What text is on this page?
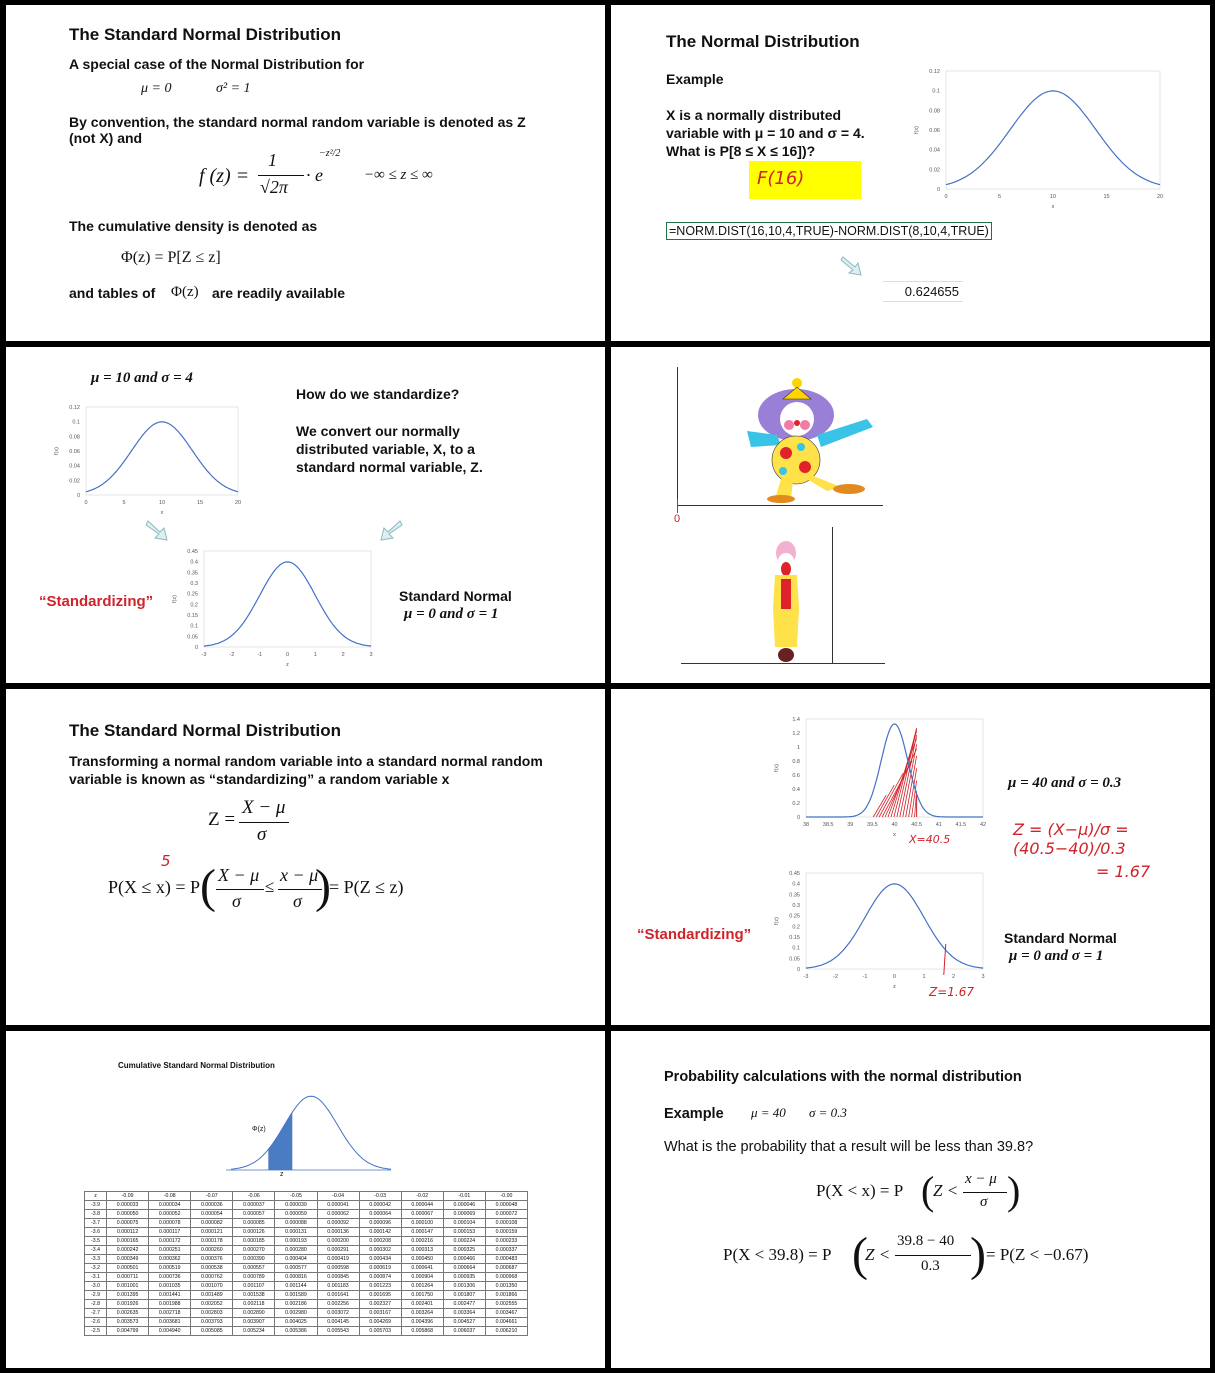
The Standard Normal Distribution
A special case of the Normal Distribution for
μ = 0	σ² = 1
By convention, the standard normal random variable is denoted as Z (not X) and
f (z) =
1
√2π
· e
−z²/2
−∞ ≤ z ≤ ∞
The cumulative density is denoted as
Φ(z) = P[Z ≤ z]
and tables of Φ(z) are readily available
The Normal Distribution
Example
X is a normally distributed variable with μ = 10 and σ = 4. What is P[8 ≤ X ≤ 16])?
F(16)
=NORM.DIST(16,10,4,TRUE)-NORM.DIST(8,10,4,TRUE)
0.624655
0
0.02
0.04
0.06
0.08
0.1
0.12
0	5	10	15	20
x
f(x)
μ = 10 and σ = 4
How do we standardize?
We convert our normally distributed variable, X, to a standard normal variable, Z.
0
0.02
0.04
0.06
0.08
0.1
0.12
0	5	10	15	20
x
f(x)
“Standardizing”
0
0.05
0.1
0.15
0.2
0.25
0.3
0.35
0.4
0.45
-3	-2	-1	0	1	2	3
z
f(z)	Standard Normal
μ = 0 and σ = 1
0
The Standard Normal Distribution
Transforming a normal random variable into a standard normal random variable is known as “standardizing” a random variable x
Z =
X − μ
σ
5
P(X ≤ x) = P ( X − μ
σ
≤
x − μ
σ )
= P(Z ≤ z)
0
0.2
0.4
0.6
0.8
1
1.2
1.4
38 38.5 39 39.5 40 40.5 41 41.5 42
x
f(x)
X=40.5
μ = 40 and σ = 0.3
Z = (X−μ)/σ = (40.5−40)/0.3
= 1.67
“Standardizing”
0
0.05
0.1
0.15
0.2
0.25
0.3
0.35
0.4
0.45
-3	-2	-1	0	1	2	3
z
f(z)
Z=1.67
Standard Normal
μ = 0 and σ = 1
Cumulative Standard Normal Distribution
Φ(z)
z
z	-0.09	-0.08	-0.07	-0.06	-0.05	-0.04	-0.03	-0.02	-0.01	-0.00
-3.9	0.000033	0.000034	0.000036	0.000037	0.000039	0.000041	0.000042	0.000044	0.000046	0.000048
-3.8	0.000050	0.000052	0.000054	0.000057	0.000059	0.000062	0.000064	0.000067	0.000069	0.000072
-3.7	0.000075	0.000078	0.000082	0.000085	0.000088	0.000092	0.000096	0.000100	0.000104	0.000108
-3.6	0.000112	0.000117	0.000121	0.000126	0.000131	0.000136	0.000142	0.000147	0.000153	0.000159
-3.5	0.000165	0.000172	0.000178	0.000185	0.000193	0.000200	0.000208	0.000216	0.000224	0.000233
-3.4	0.000242	0.000251	0.000260	0.000270	0.000280	0.000291	0.000302	0.000313	0.000325	0.000337
-3.3	0.000349	0.000362	0.000376	0.000390	0.000404	0.000419	0.000434	0.000450	0.000466	0.000483
-3.2	0.000501	0.000519	0.000538	0.000557	0.000577	0.000598	0.000619	0.000641	0.000664	0.000687
-3.1	0.000711	0.000736	0.000762	0.000789	0.000816	0.000845	0.000874	0.000904	0.000935	0.000968
-3.0	0.001001	0.001035	0.001070	0.001107	0.001144	0.001183	0.001223	0.001264	0.001306	0.001350
-2.9	0.001395	0.001441	0.001489	0.001538	0.001589	0.001641	0.001695	0.001750	0.001807	0.001866
-2.8	0.001926	0.001988	0.002052	0.002118	0.002186	0.002256	0.002327	0.002401	0.002477	0.002555
-2.7	0.002635	0.002718	0.002803	0.002890	0.002980	0.003072	0.003167	0.003264	0.003364	0.003467
-2.6	0.003573	0.003681	0.003793	0.003907	0.004025	0.004145	0.004269	0.004396	0.004527	0.004661
-2.5	0.004799	0.004940	0.005085	0.005234	0.005386	0.005543	0.005703	0.005868	0.006037	0.006210
Probability calculations with the normal distribution
Example μ = 40 σ = 0.3
What is the probability that a result will be less than 39.8?
P(X < x) = P (
Z <
x − μ
σ )
P(X < 39.8) = P (
Z <
39.8 − 40
0.3 ) = P(Z < −0.67)
